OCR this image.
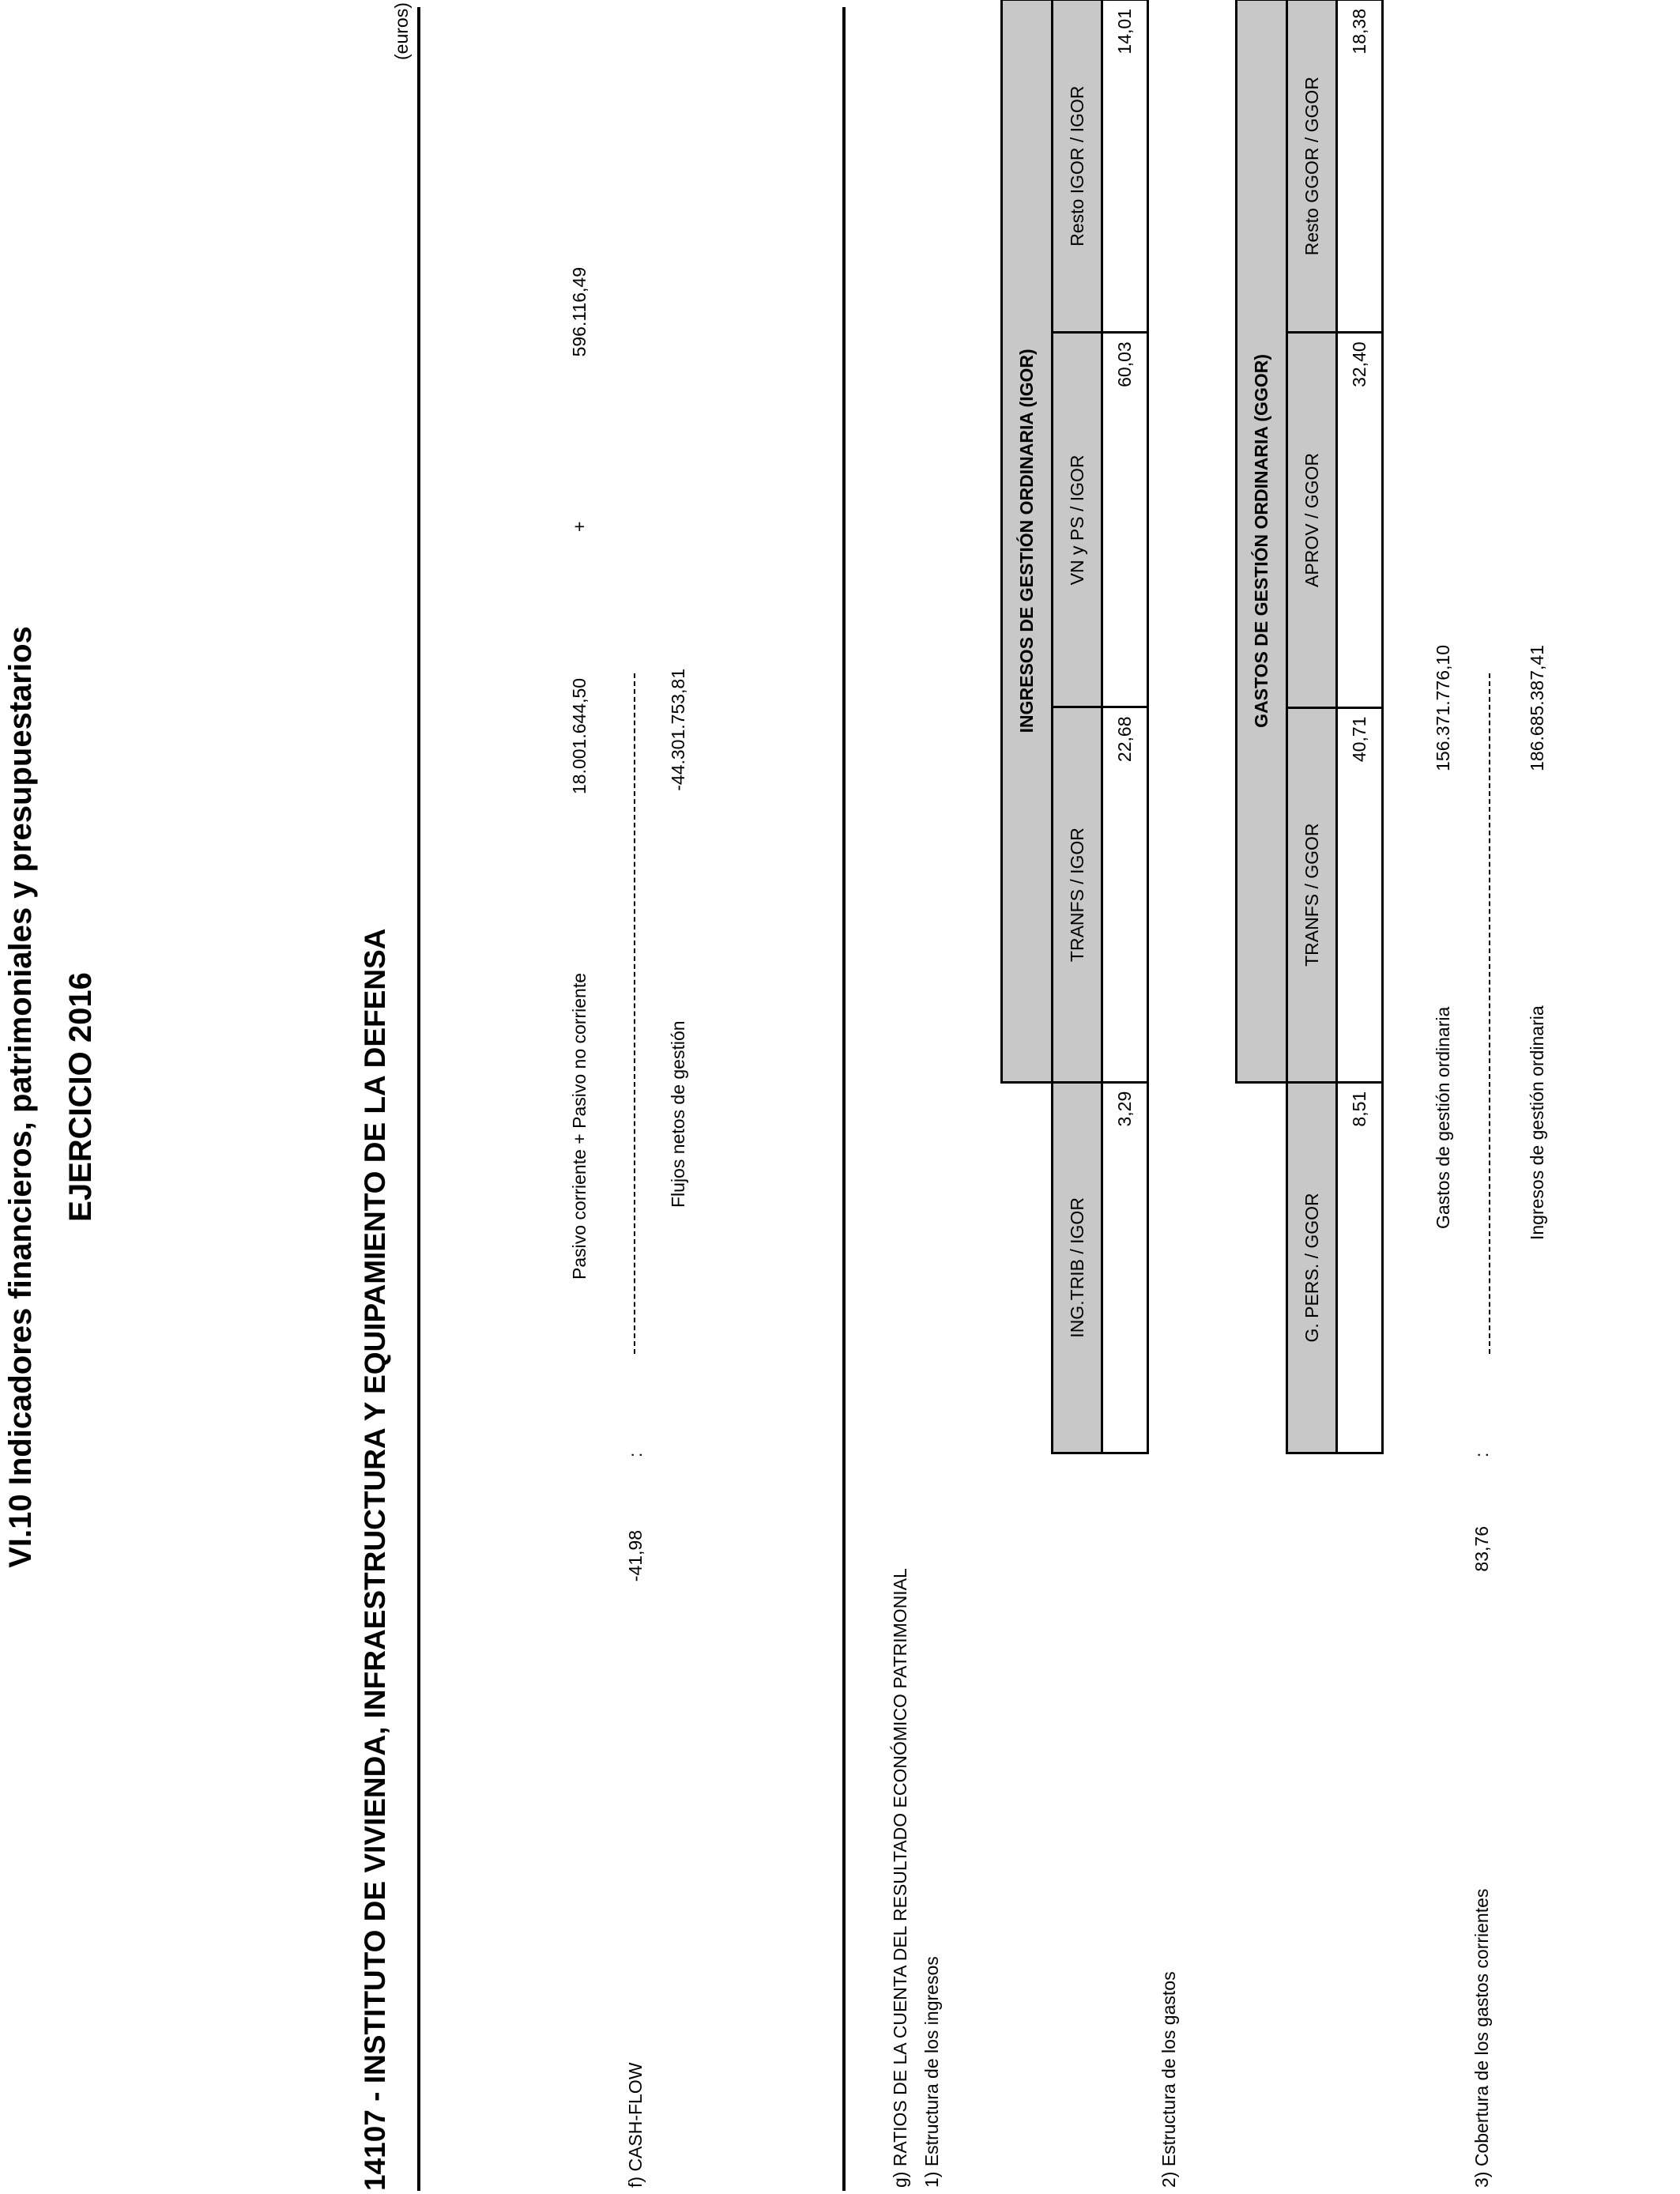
VI.10 Indicadores financieros, patrimoniales y presupuestarios EJERCICIO 2016	14107 - INSTITUTO DE VIVIENDA, INFRAESTRUCTURA Y EQUIPAMIENTO DE LA DEFENSA
(euros)
f) CASH-FLOW
-41,98
:
Pasivo corriente + Pasivo no corriente
18.001.644,50
+
596.116,49
Flujos netos de gestión
-44.301.753,81
g) RATIOS DE LA CUENTA DEL RESULTADO ECONÓMICO PATRIMONIAL 1) Estructura de los ingresos
	INGRESOS DE GESTIÓN ORDINARIA (IGOR)		
ING.TRIB / IGOR	TRANFS / IGOR	VN y PS / IGOR	Resto IGOR / IGOR
3,29	22,68	60,03	14,01
2) Estructura de los gastos
	GASTOS DE GESTIÓN ORDINARIA (GGOR)		
G. PERS. / GGOR	TRANFS / GGOR	APROV / GGOR	Resto GGOR / GGOR
8,51	40,71	32,40	18,38
3) Cobertura de los gastos corrientes
83,76
:
Gastos de gestión ordinaria
156.371.776,10
Ingresos de gestión ordinaria
186.685.387,41
